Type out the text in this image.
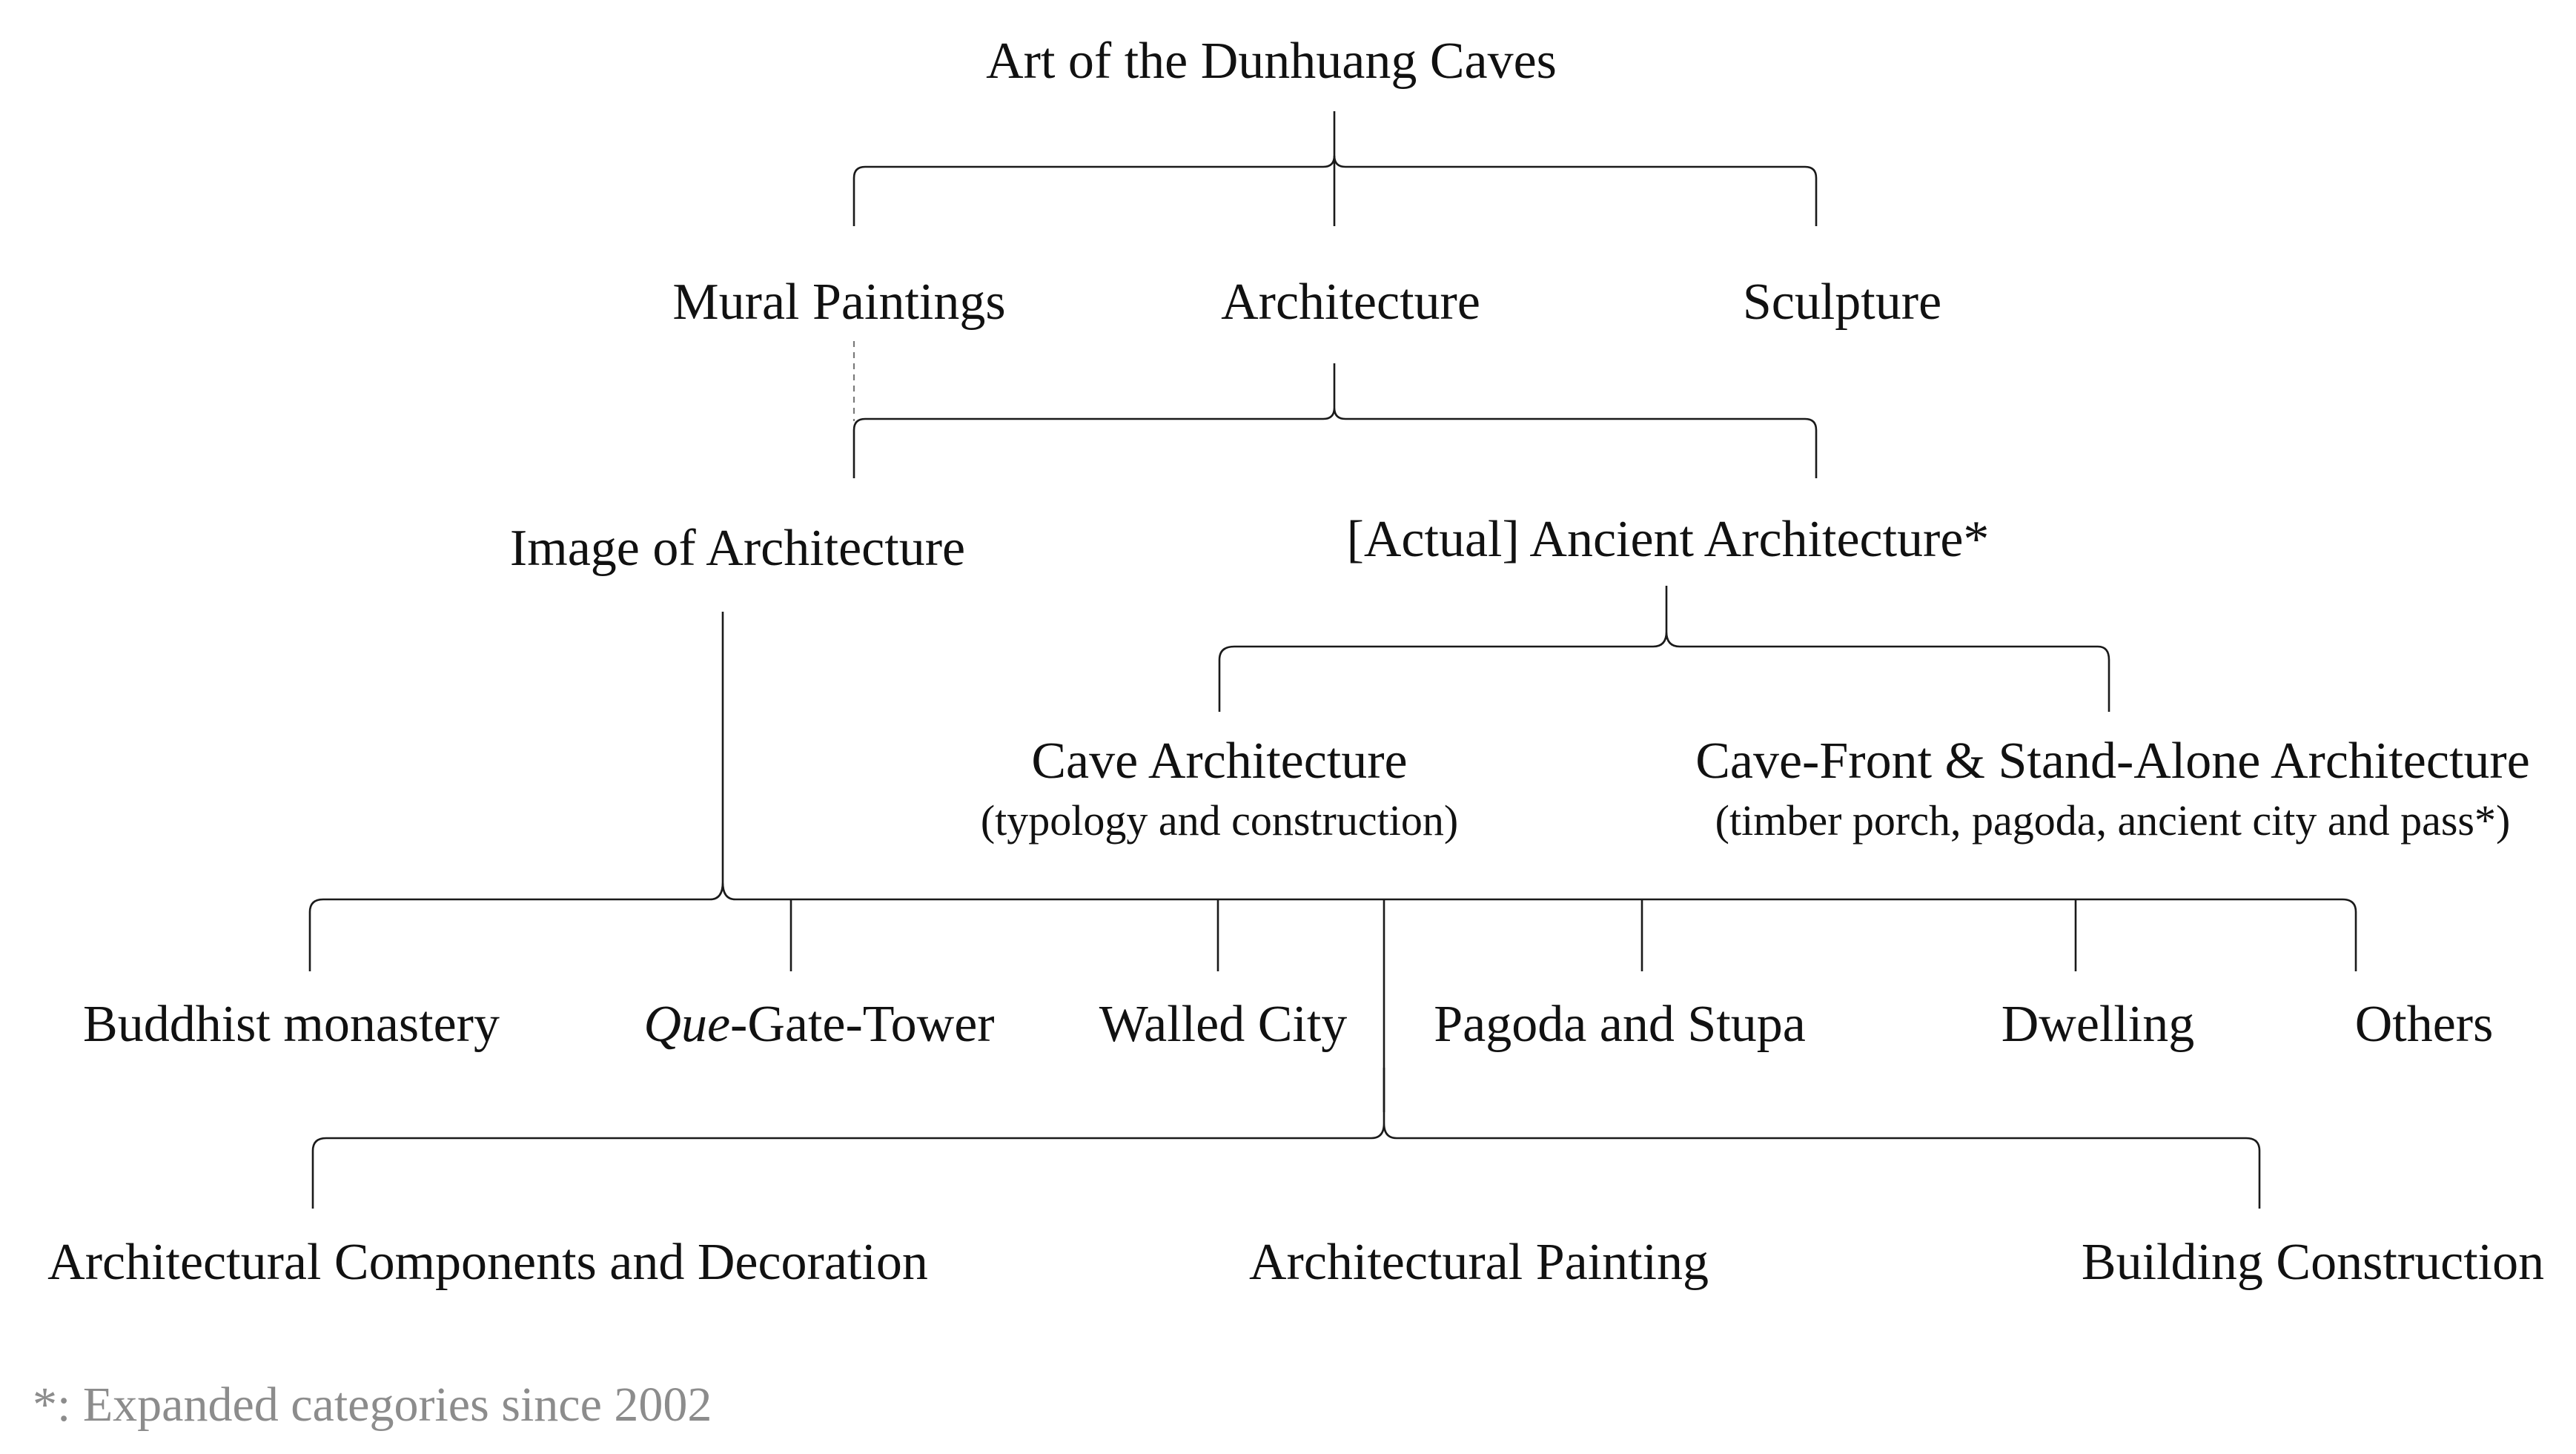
Art of the Dunhuang Caves
Mural Paintings	Architecture	Sculpture
Image of Architecture	[Actual] Ancient Architecture*
Cave Architecture
(typology and construction)
Cave-Front & Stand-Alone Architecture
(timber porch, pagoda, ancient city and pass*)
Buddhist monastery	Que-Gate-Tower Walled City Pagoda and Stupa	Dwelling	Others
Architectural Components and Decoration	Architectural Painting	Building Construction
*: Expanded categories since 2002
